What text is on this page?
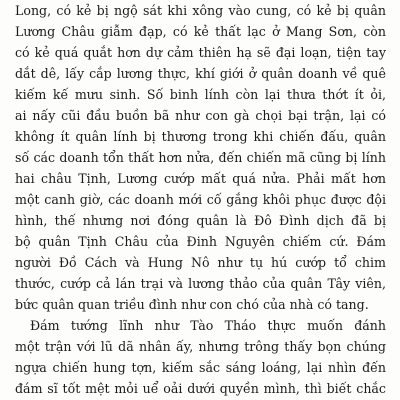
Long, có kẻ bị ngộ sát khi xông vào cung, có kẻ bị quân
Lương Châu giẫm đạp, có kẻ thất lạc ở Mang Sơn, còn
có kẻ quá quắt hơn dự cảm thiên hạ sẽ đại loạn, tiện tay
dắt dê, lấy cắp lương thực, khí giới ở quân doanh về quê
kiếm kế mưu sinh. Số binh lính còn lại thưa thớt ít ỏi,
ai nấy cũi đầu buồn bã như con gà chọi bại trận, lại có
không ít quân lính bị thương trong khi chiến đấu, quân
số các doanh tổn thất hơn nửa, đến chiến mã cũng bị lính
hai châu Tịnh, Lương cướp mất quá nửa. Phải mất hơn
một canh giờ, các doanh mới cố gắng khôi phục được đội
hình, thế nhưng nơi đóng quân là Đô Đình dịch đã bị
bộ quân Tịnh Châu của Đinh Nguyên chiếm cứ. Đám
người Đồ Cách và Hung Nô như tụ hú cướp tổ chim
thước, cướp cả lán trại và lương thảo của quân Tây viên,
bức quân quan triều đình như con chó của nhà có tang.
Đám tướng lĩnh như Tào Tháo thực muốn đánh
một trận với lũ dã nhân ấy, nhưng trông thấy bọn chúng
ngựa chiến hung tợn, kiếm sắc sáng loáng, lại nhìn đến
đám sĩ tốt mệt mỏi uể oải dưới quyền mình, thì biết chắc
